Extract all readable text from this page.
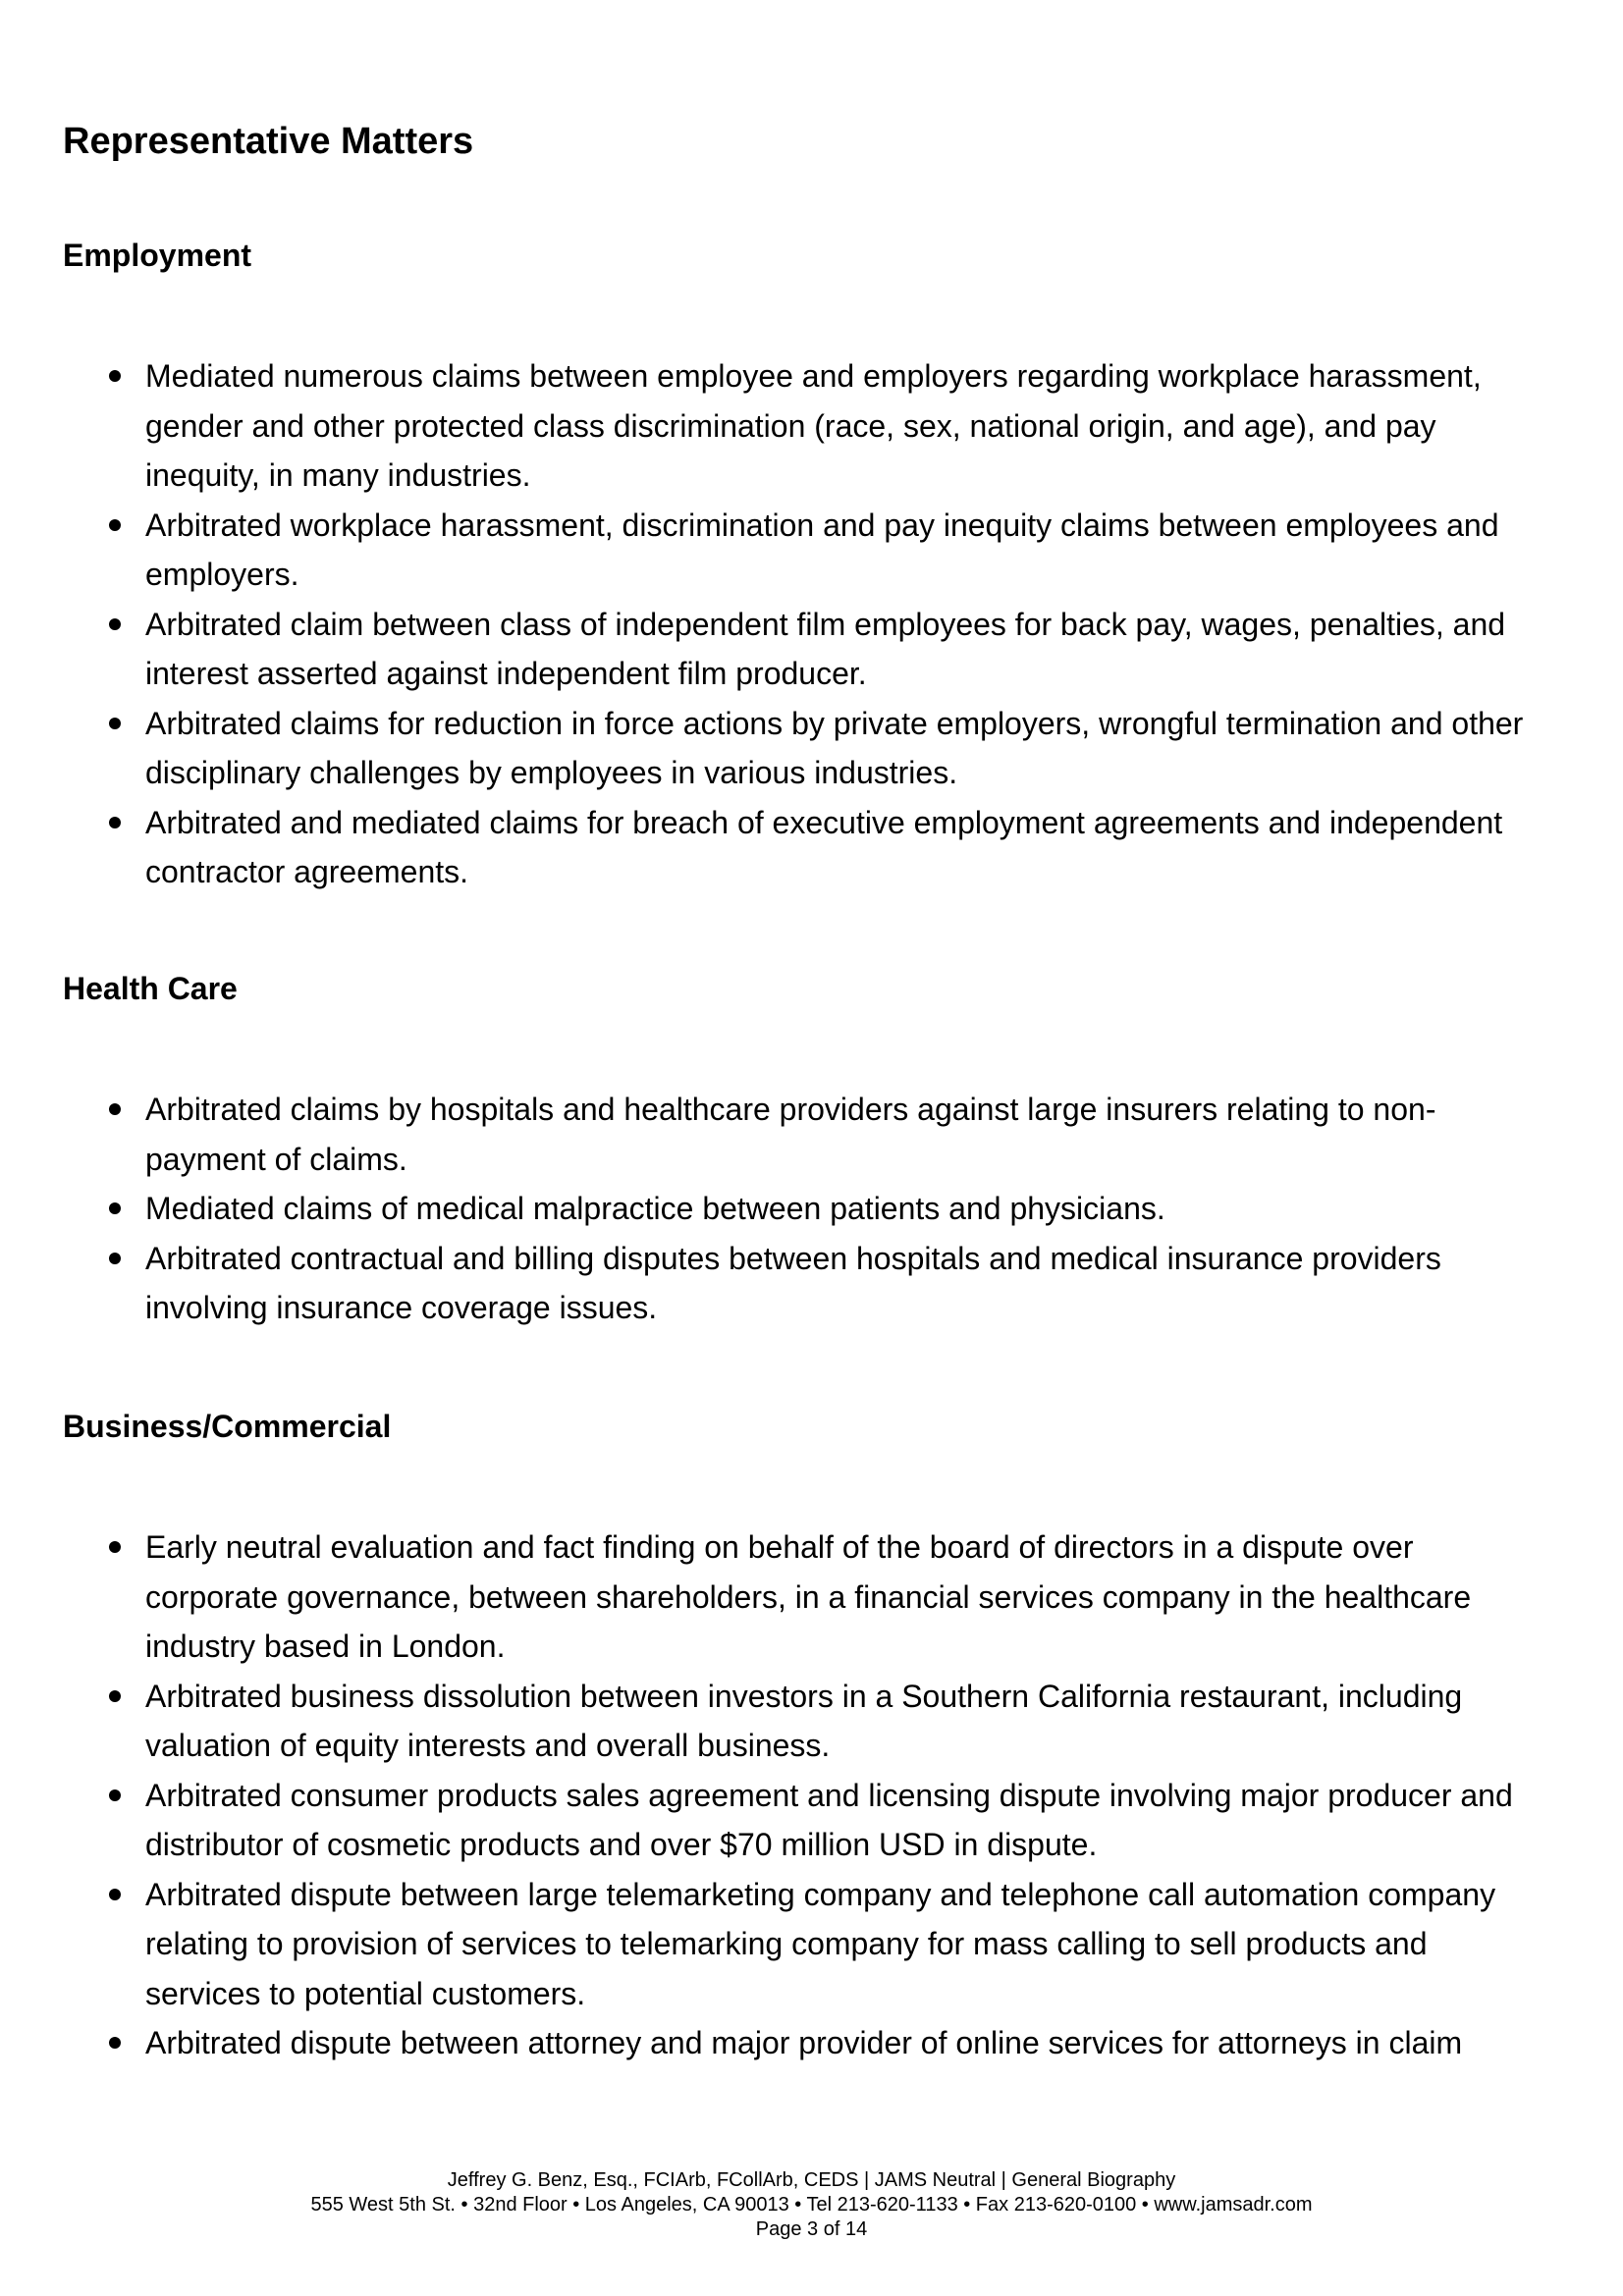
Representative Matters
Employment
Mediated numerous claims between employee and employers regarding workplace harassment, gender and other protected class discrimination (race, sex, national origin, and age), and pay inequity, in many industries.
Arbitrated workplace harassment, discrimination and pay inequity claims between employees and employers.
Arbitrated claim between class of independent film employees for back pay, wages, penalties, and interest asserted against independent film producer.
Arbitrated claims for reduction in force actions by private employers, wrongful termination and other disciplinary challenges by employees in various industries.
Arbitrated and mediated claims for breach of executive employment agreements and independent contractor agreements.
Health Care
Arbitrated claims by hospitals and healthcare providers against large insurers relating to non-payment of claims.
Mediated claims of medical malpractice between patients and physicians.
Arbitrated contractual and billing disputes between hospitals and medical insurance providers involving insurance coverage issues.
Business/Commercial
Early neutral evaluation and fact finding on behalf of the board of directors in a dispute over corporate governance, between shareholders, in a financial services company in the healthcare industry based in London.
Arbitrated business dissolution between investors in a Southern California restaurant, including valuation of equity interests and overall business.
Arbitrated consumer products sales agreement and licensing dispute involving major producer and distributor of cosmetic products and over $70 million USD in dispute.
Arbitrated dispute between large telemarketing company and telephone call automation company relating to provision of services to telemarking company for mass calling to sell products and services to potential customers.
Arbitrated dispute between attorney and major provider of online services for attorneys in claim
Jeffrey G. Benz, Esq., FCIArb, FCollArb, CEDS | JAMS Neutral | General Biography
555 West 5th St. • 32nd Floor • Los Angeles, CA 90013 • Tel 213-620-1133 • Fax 213-620-0100 • www.jamsadr.com
Page 3 of 14
